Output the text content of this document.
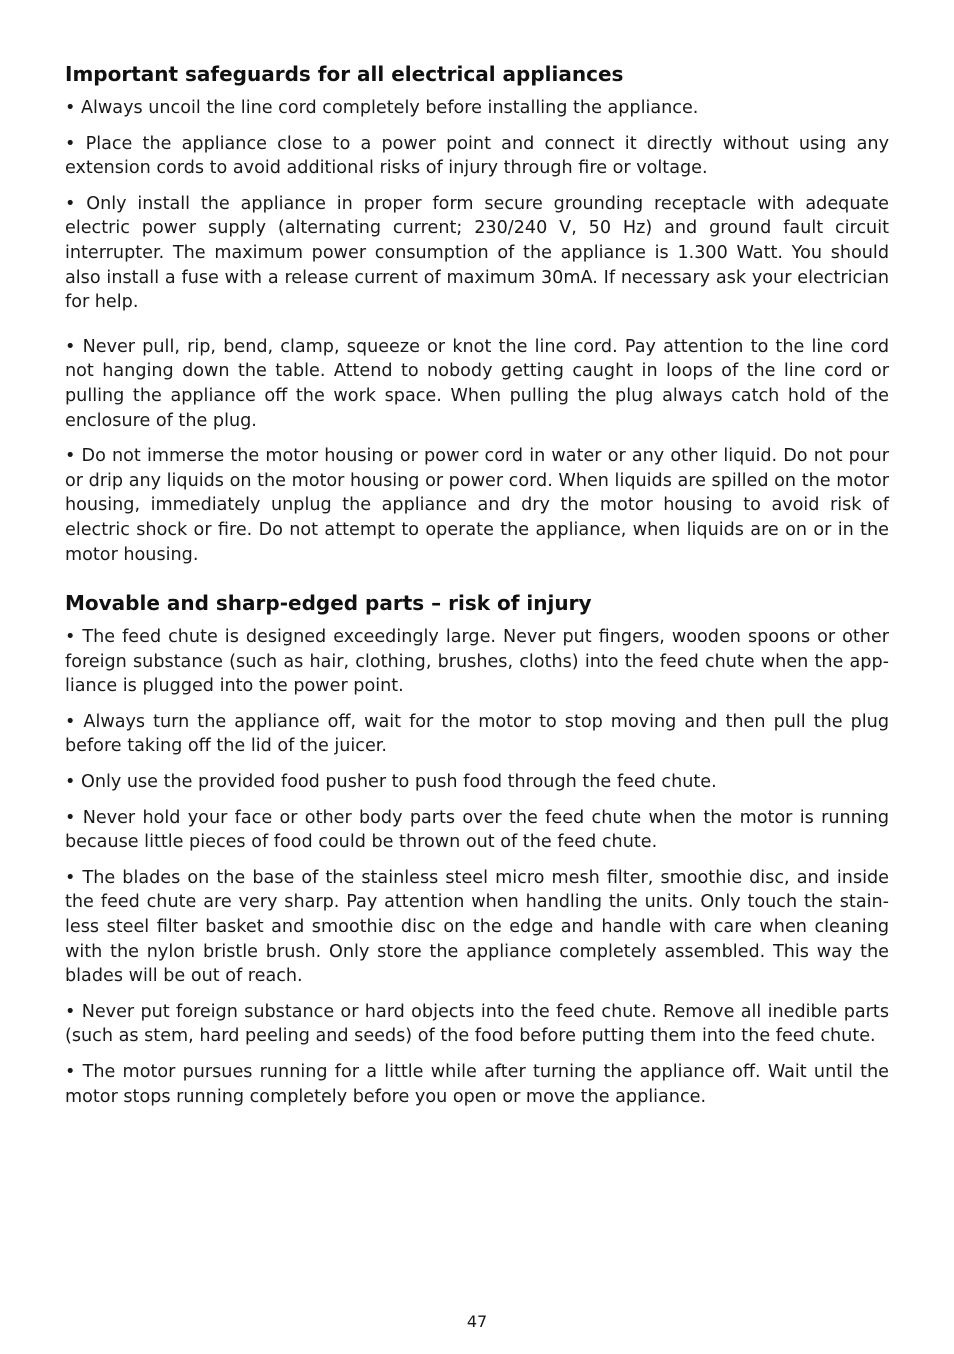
Important safeguards for all electrical appliances

• Always uncoil the line cord completely before installing the appliance.

• Place the appliance close to a power point and connect it directly without using any extension cords to avoid additional risks of injury through fire or voltage.

• Only install the appliance in proper form secure grounding receptacle with adequate electric power supply (alternating current; 230/240 V, 50 Hz) and ground fault circuit interrupter. The maximum power consumption of the appliance is 1.300 Watt. You should also install a fuse with a release current of maximum 30mA. If necessary ask your electrician for help.

• Never pull, rip, bend, clamp, squeeze or knot the line cord. Pay attention to the line cord not hanging down the table. Attend to nobody getting caught in loops of the line cord or pulling the appliance off the work space. When pulling the plug always catch hold of the enclosure of the plug.

• Do not immerse the motor housing or power cord in water or any other liquid. Do not pour or drip any liquids on the motor housing or power cord. When liquids are spilled on the motor housing, immediately unplug the appliance and dry the motor housing to avoid risk of electric shock or fire. Do not attempt to operate the appliance, when liquids are on or in the motor housing.

Movable and sharp-edged parts – risk of injury

• The feed chute is designed exceedingly large. Never put fingers, wooden spoons or other foreign substance (such as hair, clothing, brushes, cloths) into the feed chute when the app-liance is plugged into the power point.

• Always turn the appliance off, wait for the motor to stop moving and then pull the plug before taking off the lid of the juicer.

• Only use the provided food pusher to push food through the feed chute.

• Never hold your face or other body parts over the feed chute when the motor is running because little pieces of food could be thrown out of the feed chute.

• The blades on the base of the stainless steel micro mesh filter, smoothie disc, and inside the feed chute are very sharp. Pay attention when handling the units. Only touch the stain-less steel filter basket and smoothie disc on the edge and handle with care when cleaning with the nylon bristle brush. Only store the appliance completely assembled. This way the blades will be out of reach.

• Never put foreign substance or hard objects into the feed chute. Remove all inedible parts (such as stem, hard peeling and seeds) of the food before putting them into the feed chute.

• The motor pursues running for a little while after turning the appliance off. Wait until the motor stops running completely before you open or move the appliance.

47
